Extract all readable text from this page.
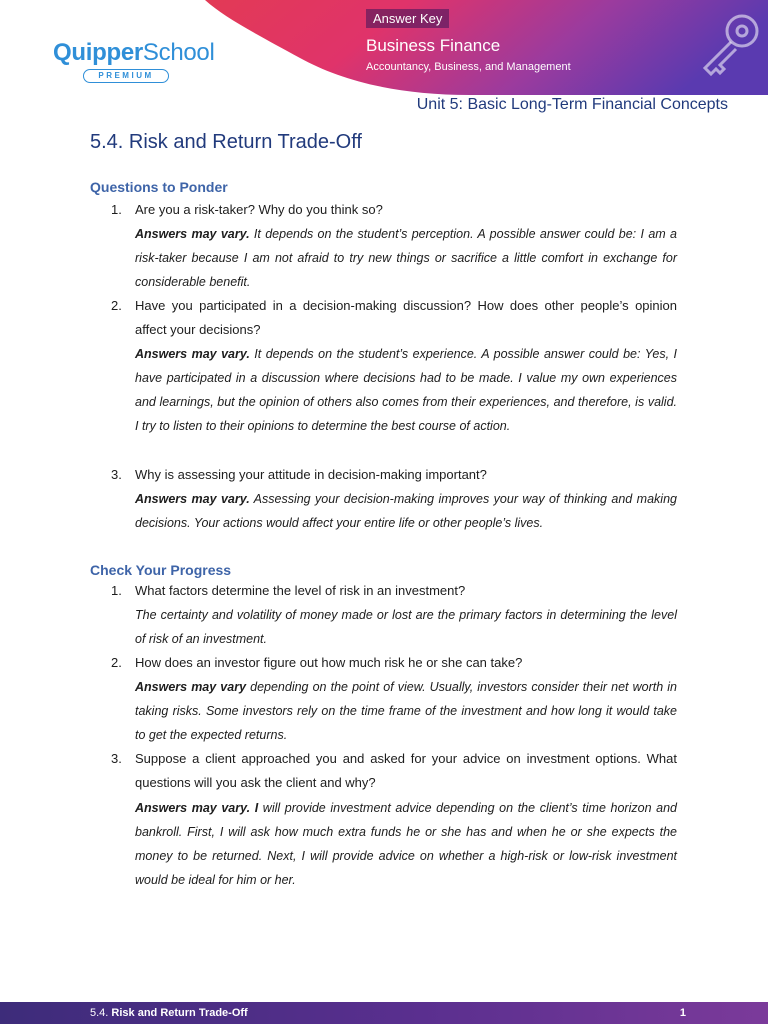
QuipperSchool
PREMIUM
Answer Key
Business Finance
Accountancy, Business, and Management
Unit 5: Basic Long-Term Financial Concepts
5.4. Risk and Return Trade-Off
Questions to Ponder
1. Are you a risk-taker? Why do you think so?
Answers may vary. It depends on the student’s perception. A possible answer could be: I am a risk-taker because I am not afraid to try new things or sacrifice a little comfort in exchange for considerable benefit.
2. Have you participated in a decision-making discussion? How does other people’s opinion affect your decisions?
Answers may vary. It depends on the student’s experience. A possible answer could be: Yes, I have participated in a discussion where decisions had to be made. I value my own experiences and learnings, but the opinion of others also comes from their experiences, and therefore, is valid. I try to listen to their opinions to determine the best course of action.
3. Why is assessing your attitude in decision-making important?
Answers may vary. Assessing your decision-making improves your way of thinking and making decisions. Your actions would affect your entire life or other people’s lives.
Check Your Progress
1. What factors determine the level of risk in an investment?
The certainty and volatility of money made or lost are the primary factors in determining the level of risk of an investment.
2. How does an investor figure out how much risk he or she can take?
Answers may vary depending on the point of view. Usually, investors consider their net worth in taking risks. Some investors rely on the time frame of the investment and how long it would take to get the expected returns.
3. Suppose a client approached you and asked for your advice on investment options. What questions will you ask the client and why?
Answers may vary. I will provide investment advice depending on the client’s time horizon and bankroll. First, I will ask how much extra funds he or she has and when he or she expects the money to be returned. Next, I will provide advice on whether a high-risk or low-risk investment would be ideal for him or her.
5.4. Risk and Return Trade-Off	1
